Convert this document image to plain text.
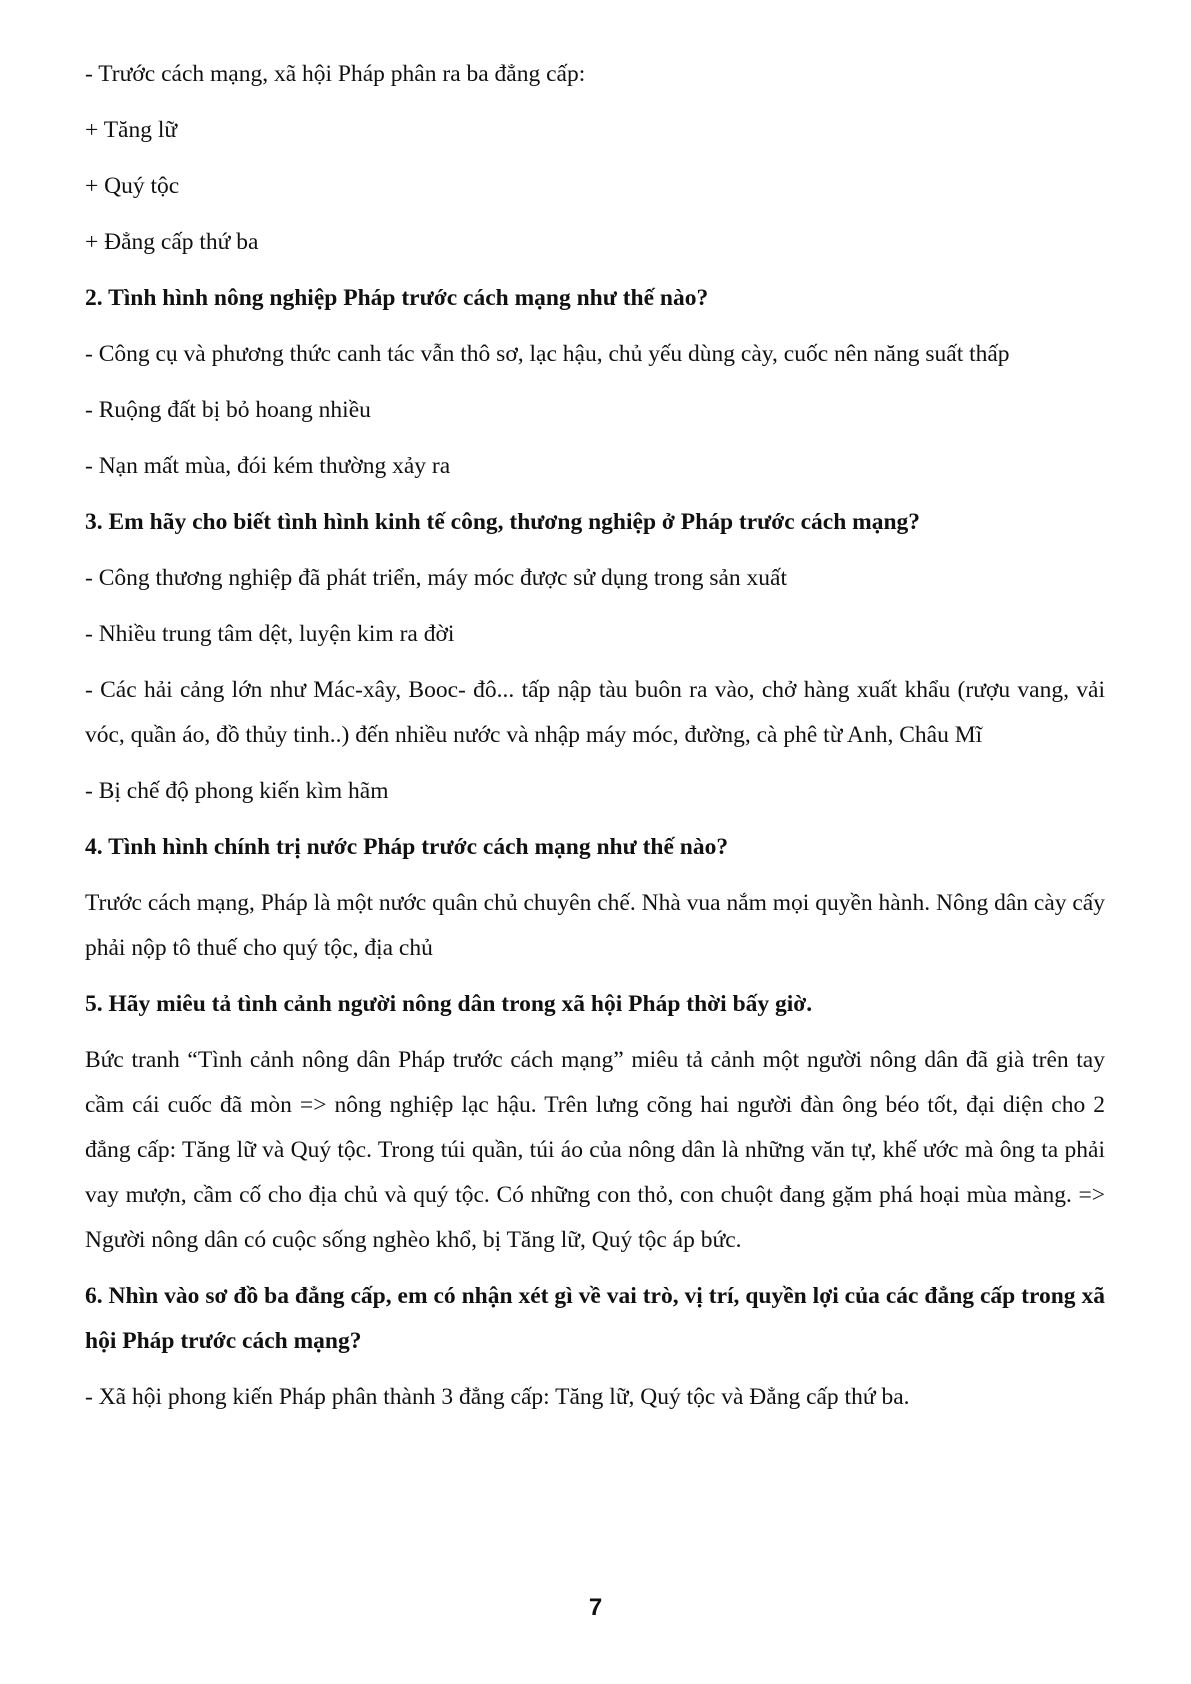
- Trước cách mạng, xã hội Pháp phân ra ba đẳng cấp:

+ Tăng lữ

+ Quý tộc

+ Đẳng cấp thứ ba

2. Tình hình nông nghiệp Pháp trước cách mạng như thế nào?

- Công cụ và phương thức canh tác vẫn thô sơ, lạc hậu, chủ yếu dùng cày, cuốc nên năng suất thấp

- Ruộng đất bị bỏ hoang nhiều

- Nạn mất mùa, đói kém thường xảy ra

3. Em hãy cho biết tình hình kinh tế công, thương nghiệp ở Pháp trước cách mạng?

- Công thương nghiệp đã phát triển, máy móc được sử dụng trong sản xuất

- Nhiều trung tâm dệt, luyện kim ra đời

- Các hải cảng lớn như Mác-xây, Booc- đô... tấp nập tàu buôn ra vào, chở hàng xuất khẩu (rượu vang, vải vóc, quần áo, đồ thủy tinh..) đến nhiều nước và nhập máy móc, đường, cà phê từ Anh, Châu Mĩ

- Bị chế độ phong kiến kìm hãm

4. Tình hình chính trị nước Pháp trước cách mạng như thế nào?

Trước cách mạng, Pháp là một nước quân chủ chuyên chế. Nhà vua nắm mọi quyền hành. Nông dân cày cấy phải nộp tô thuế cho quý tộc, địa chủ

5. Hãy miêu tả tình cảnh người nông dân trong xã hội Pháp thời bấy giờ.

Bức tranh “Tình cảnh nông dân Pháp trước cách mạng” miêu tả cảnh một người nông dân đã già trên tay cầm cái cuốc đã mòn => nông nghiệp lạc hậu. Trên lưng cõng hai người đàn ông béo tốt, đại diện cho 2 đẳng cấp: Tăng lữ và Quý tộc. Trong túi quần, túi áo của nông dân là những văn tự, khế ước mà ông ta phải vay mượn, cầm cố cho địa chủ và quý tộc. Có những con thỏ, con chuột đang gặm phá hoại mùa màng. => Người nông dân có cuộc sống nghèo khổ, bị Tăng lữ, Quý tộc áp bức.

6. Nhìn vào sơ đồ ba đẳng cấp, em có nhận xét gì về vai trò, vị trí, quyền lợi của các đẳng cấp trong xã hội Pháp trước cách mạng?

- Xã hội phong kiến Pháp phân thành 3 đẳng cấp: Tăng lữ, Quý tộc và Đẳng cấp thứ ba.

7
